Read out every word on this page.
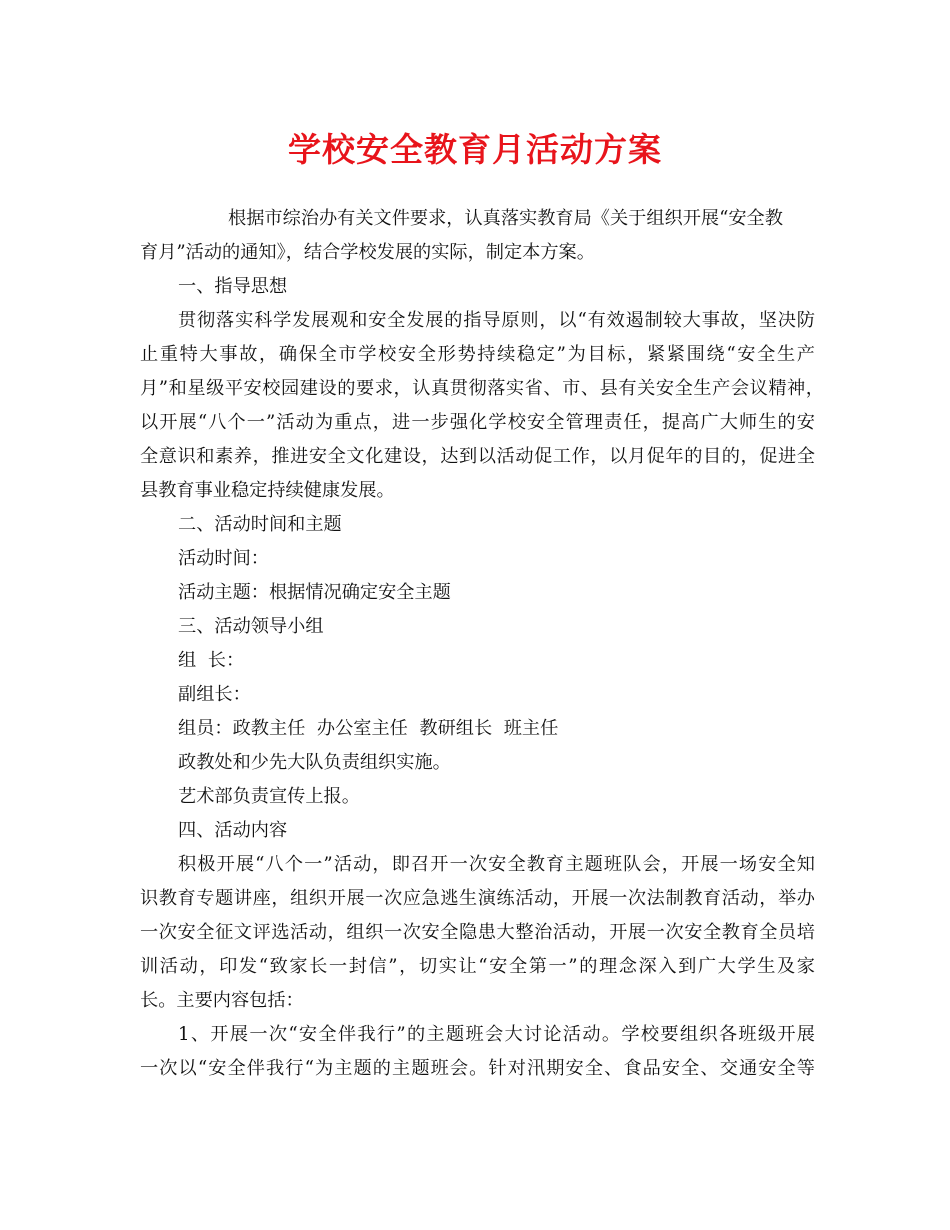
学校安全教育月活动方案
根据市综治办有关文件要求，认真落实教育局《关于组织开展“安全教
育月”活动的通知》，结合学校发展的实际，制定本方案。
一、指导思想
贯彻落实科学发展观和安全发展的指导原则，以“有效遏制较大事故，坚决防
止重特大事故，确保全市学校安全形势持续稳定”为目标，紧紧围绕“安全生产
月”和星级平安校园建设的要求，认真贯彻落实省、市、县有关安全生产会议精神，
以开展“八个一”活动为重点，进一步强化学校安全管理责任，提高广大师生的安
全意识和素养，推进安全文化建设，达到以活动促工作，以月促年的目的，促进全
县教育事业稳定持续健康发展。
二、活动时间和主题
活动时间：
活动主题：根据情况确定安全主题
三、活动领导小组
组  长：
副组长：
组员：政教主任  办公室主任  教研组长  班主任
政教处和少先大队负责组织实施。
艺术部负责宣传上报。
四、活动内容
积极开展“八个一”活动，即召开一次安全教育主题班队会，开展一场安全知
识教育专题讲座，组织开展一次应急逃生演练活动，开展一次法制教育活动，举办
一次安全征文评选活动，组织一次安全隐患大整治活动，开展一次安全教育全员培
训活动，印发“致家长一封信”，切实让“安全第一”的理念深入到广大学生及家
长。主要内容包括：
1、开展一次“安全伴我行”的主题班会大讨论活动。学校要组织各班级开展
一次以“安全伴我行“为主题的主题班会。针对汛期安全、食品安全、交通安全等
